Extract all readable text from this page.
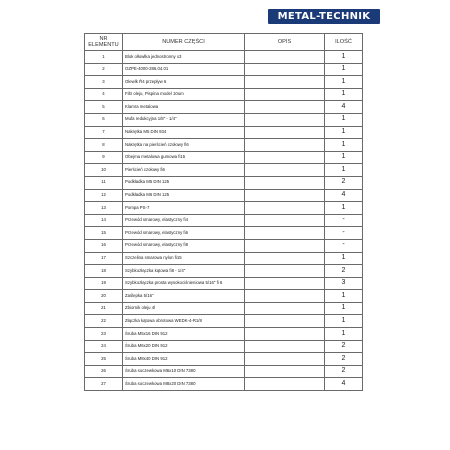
METAL-TECHNIK
NR
ELEMENTU	NUMER CZĘŚCI	OPIS	ILOŚĆ
1	Blok olłowlka jednostronny x3		1
2	OZPE-4000-286.04.01		1
3	Olewlk Ř4 przepływ 6		1
4	Filtr oleju, Pispina model 10um		1
5	Klamra metalowa		4
6	Mufa redukcyjna 1/8" - 1/4"		1
7	Nakrętka M5 DIN 934		1
8	Nakrętka na pierścień czołowy fi6		1
9	Obejma metalowa gumowa fi15		1
10	Pierścień czołowy fi6		1
11	Podkładka M5 DIN 125		2
12	Podkładka M6 DIN 125		4
13	Pompa PS-7		1
14	Przewód smarowy, elastyczny fi4		-
15	Przewód smarowy, elastyczny fi6		-
16	Przewód smarowy, elastyczny fi8		-
17	Szczelina smarowa nylon fi15		1
18	Szybkozłączka kątowa fi8 - 1/4"		2
19	Szybkozłączka prosta wysokociśnieniowa 5/16" fi 6		3
20	Zaślepka 5/16"		1
21	Zbiornik oleju 4l		1
22	Złączka kątowa obrotowa WEDK-4-R1/8		1
23	Śruba M5x16 DIN 912		1
24	Śruba M6x20 DIN 912		2
25	Śruba M8x40 DIN 912		2
26	Śruba soczewkowa M6x10 DIN 7380		2
27	Śruba soczewkowa M8x20 DIN 7380		4
